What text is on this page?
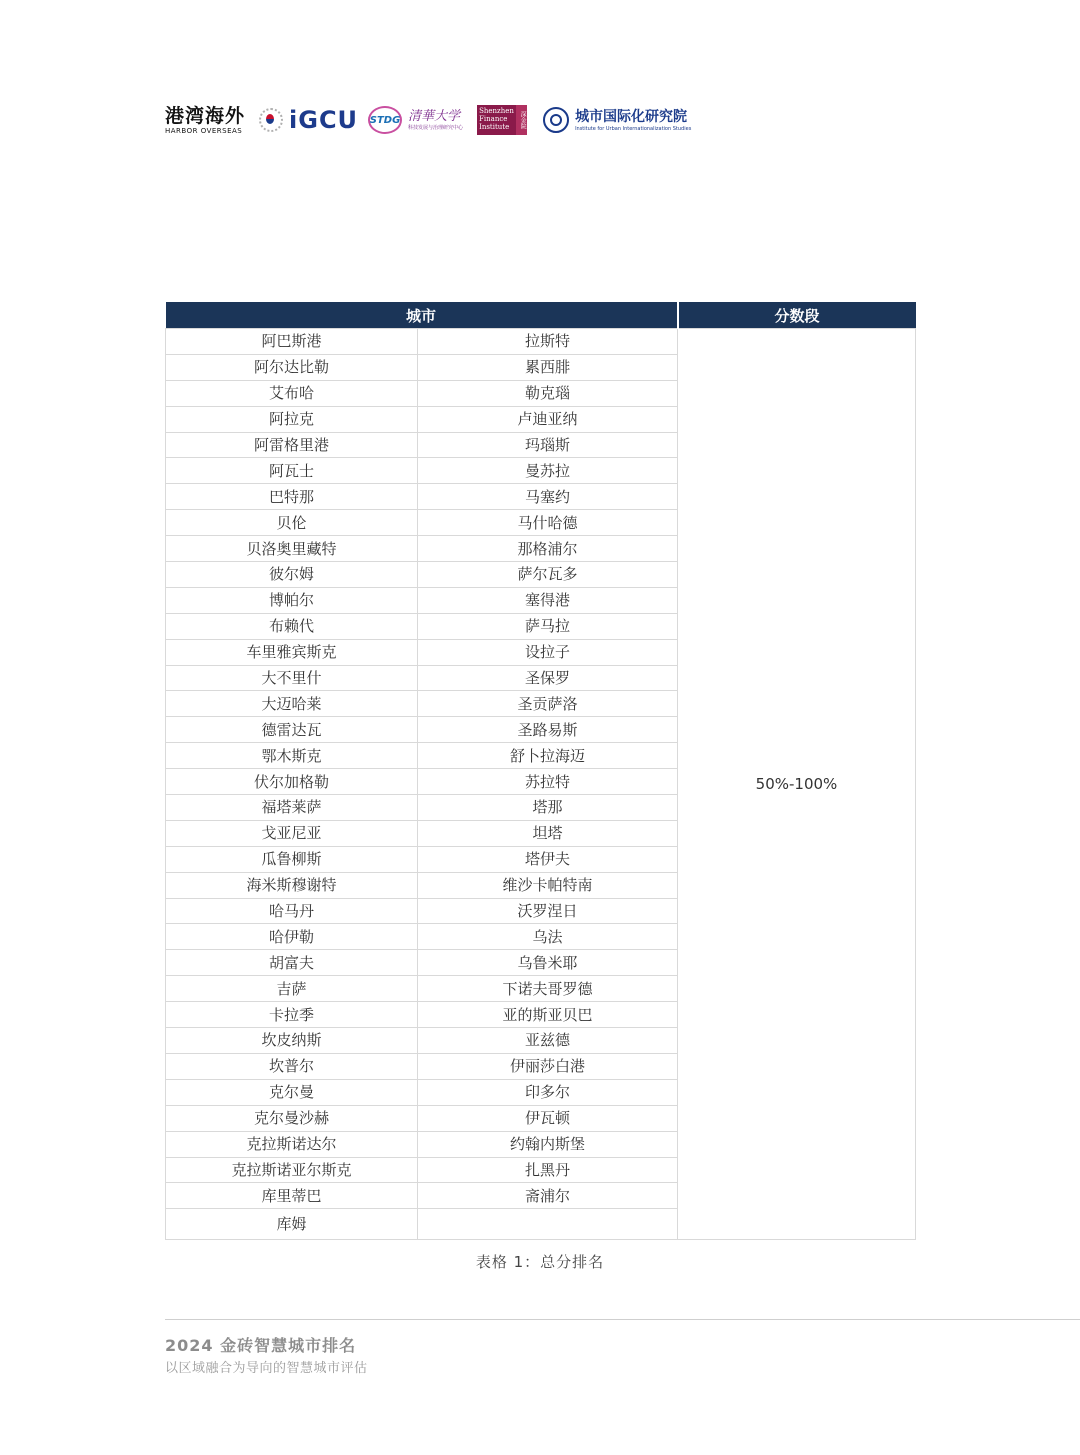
港湾海外
HARBOR OVERSEAS iGCU STDG 清華大学
科技发展与治理研究中心
Shenzhen Finance Institute	深金院	城市国际化研究院
Institute for Urban Internationalization Studies
城市		分数段
阿巴斯港	拉斯特	50%-100%
阿尔达比勒	累西腓	
艾布哈	勒克瑙	
阿拉克	卢迪亚纳	
阿雷格里港	玛瑙斯	
阿瓦士	曼苏拉	
巴特那	马塞约	
贝伦	马什哈德	
贝洛奥里藏特	那格浦尔	
彼尔姆	萨尔瓦多	
博帕尔	塞得港	
布赖代	萨马拉	
车里雅宾斯克	设拉子	
大不里什	圣保罗	
大迈哈莱	圣贡萨洛	
德雷达瓦	圣路易斯	
鄂木斯克	舒卜拉海迈	
伏尔加格勒	苏拉特	
福塔莱萨	塔那	
戈亚尼亚	坦塔	
瓜鲁柳斯	塔伊夫	
海米斯穆谢特	维沙卡帕特南	
哈马丹	沃罗涅日	
哈伊勒	乌法	
胡富夫	乌鲁米耶	
吉萨	下诺夫哥罗德	
卡拉季	亚的斯亚贝巴	
坎皮纳斯	亚兹德	
坎普尔	伊丽莎白港	
克尔曼	印多尔	
克尔曼沙赫	伊瓦顿	
克拉斯诺达尔	约翰内斯堡	
克拉斯诺亚尔斯克	扎黑丹	
库里蒂巴	斋浦尔	
库姆		
表格 1：总分排名
2024 金砖智慧城市排名
以区域融合为导向的智慧城市评估
